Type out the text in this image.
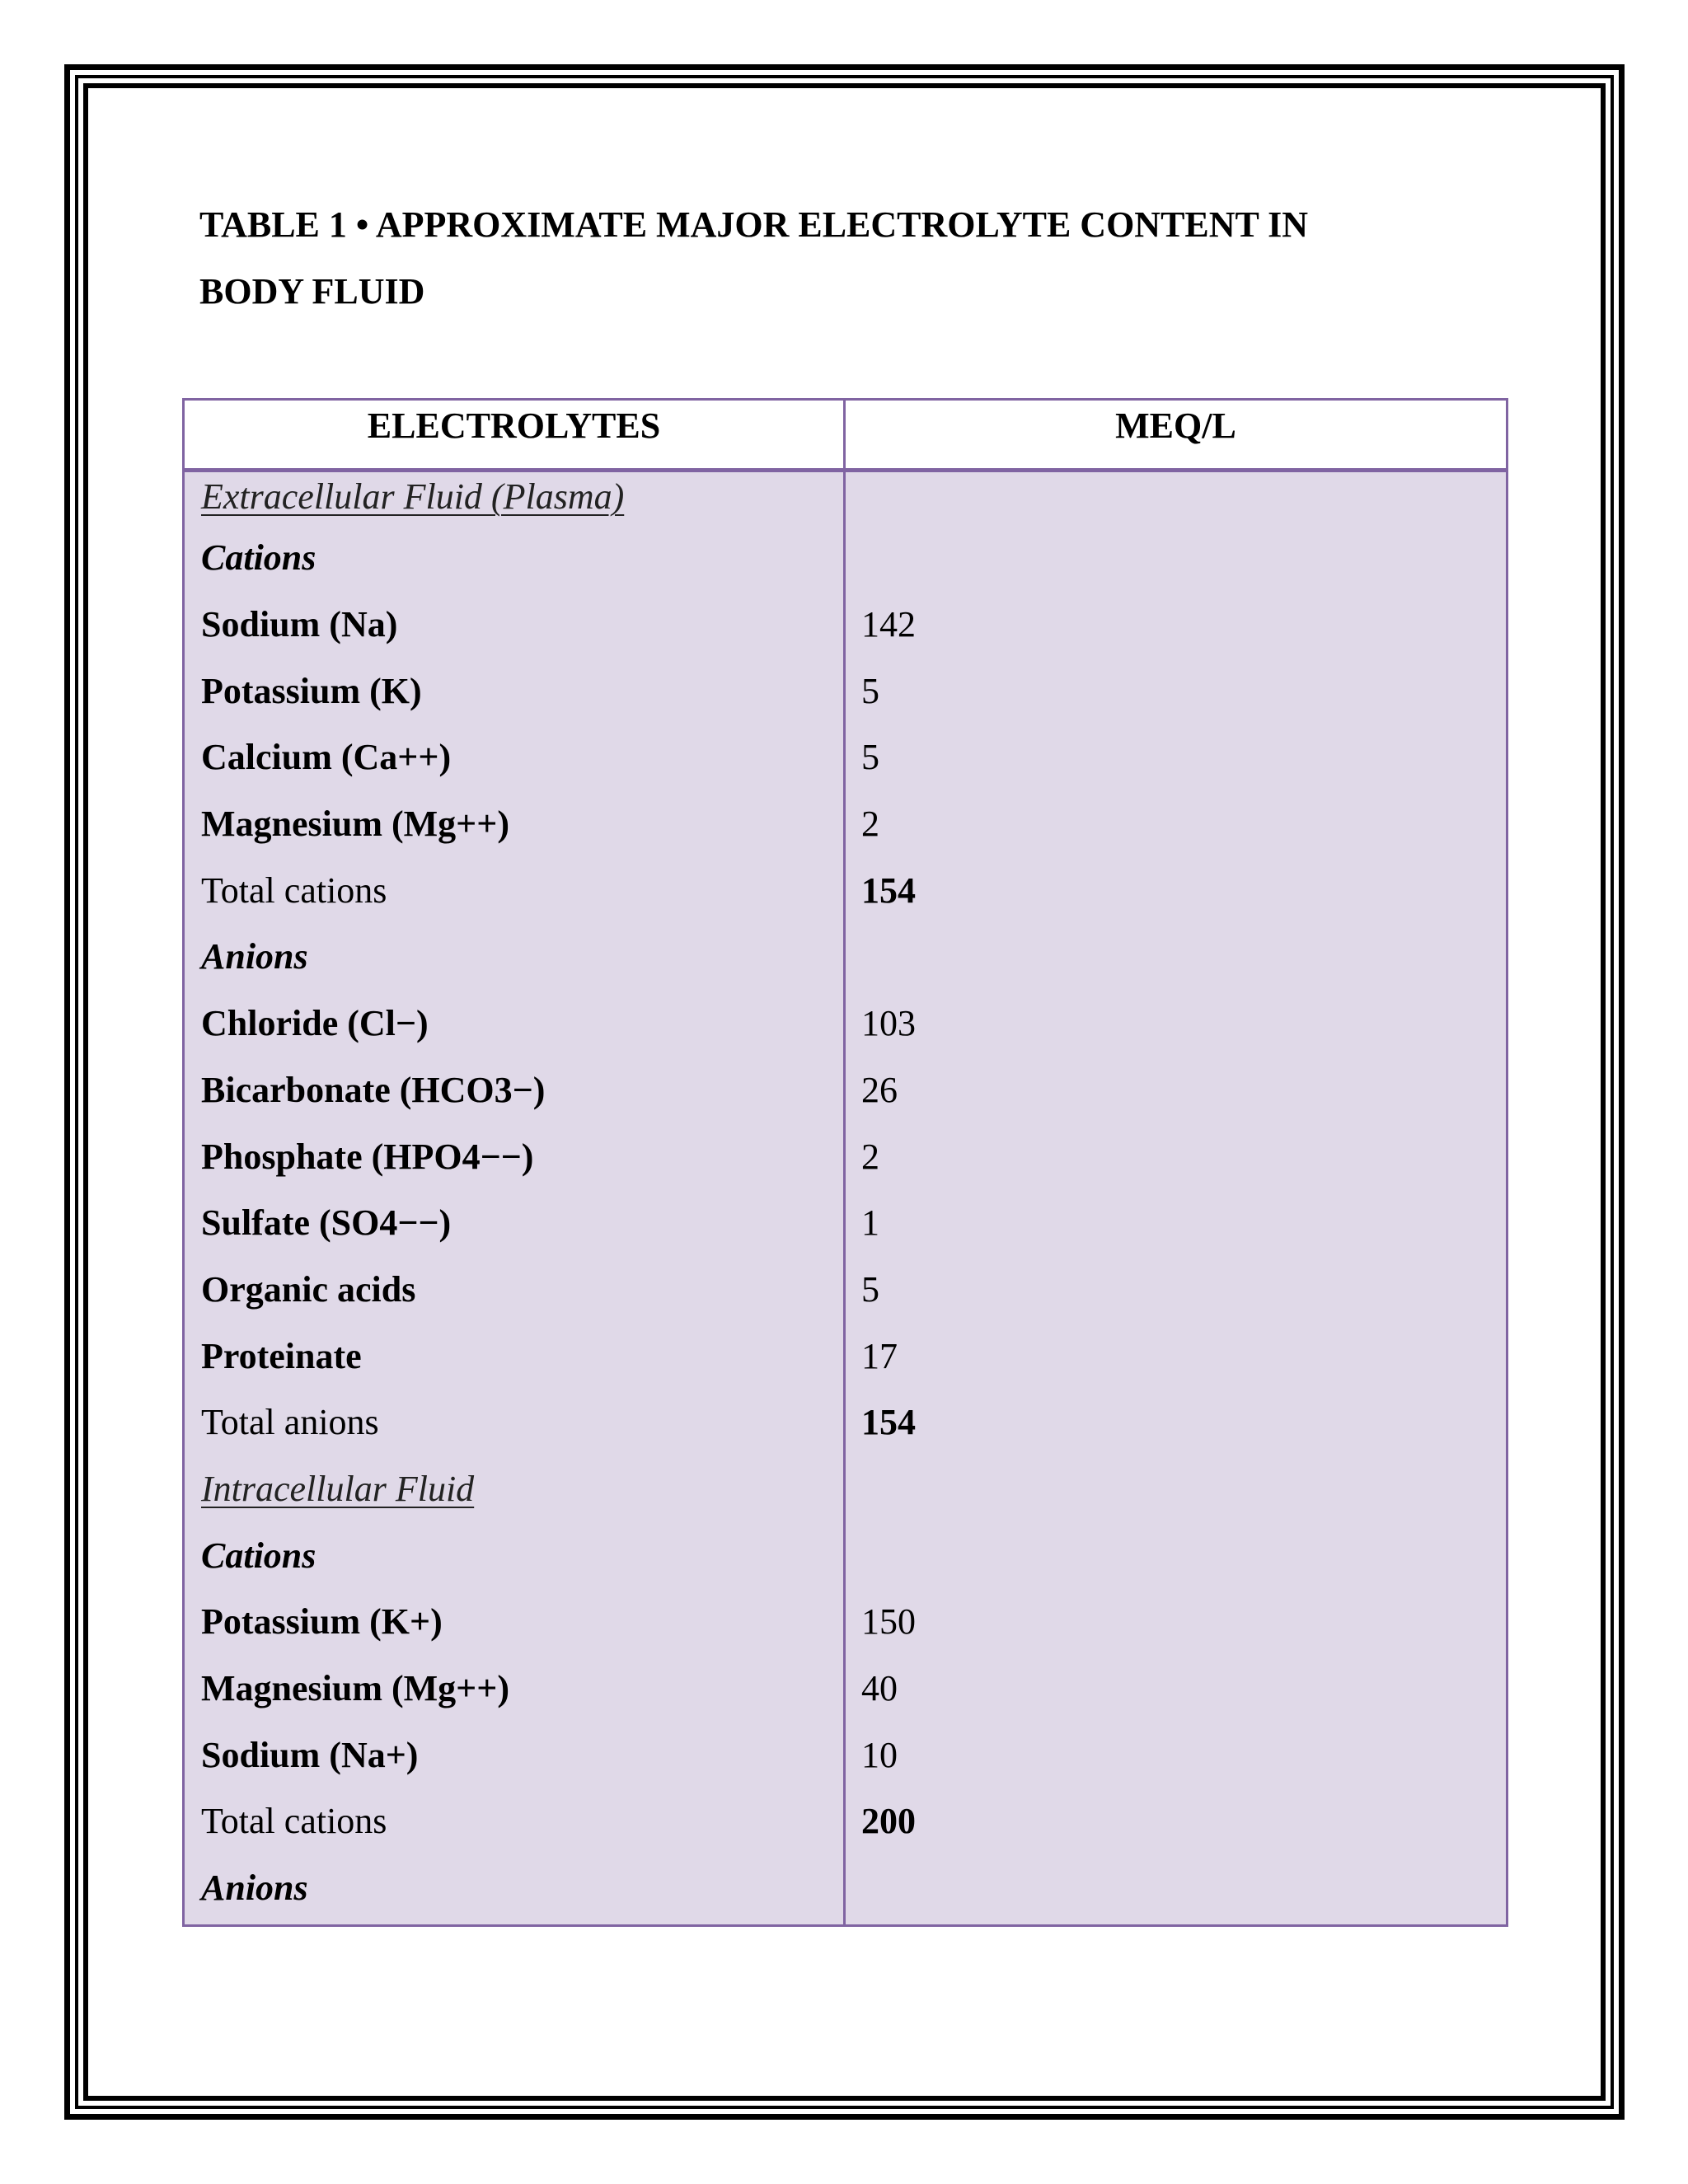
TABLE 1 • APPROXIMATE MAJOR ELECTROLYTE CONTENT IN
BODY FLUID
ELECTROLYTES	MEQ/L
Extracellular Fluid (Plasma)	
Cations	
Sodium (Na)	142
Potassium (K)	5
Calcium (Ca++)	5
Magnesium (Mg++)	2
Total cations	154
Anions	
Chloride (Cl−)	103
Bicarbonate (HCO3−)	26
Phosphate (HPO4−−)	2
Sulfate (SO4−−)	1
Organic acids	5
Proteinate	17
Total anions	154
Intracellular Fluid	
Cations	
Potassium (K+)	150
Magnesium (Mg++)	40
Sodium (Na+)	10
Total cations	200
Anions	
